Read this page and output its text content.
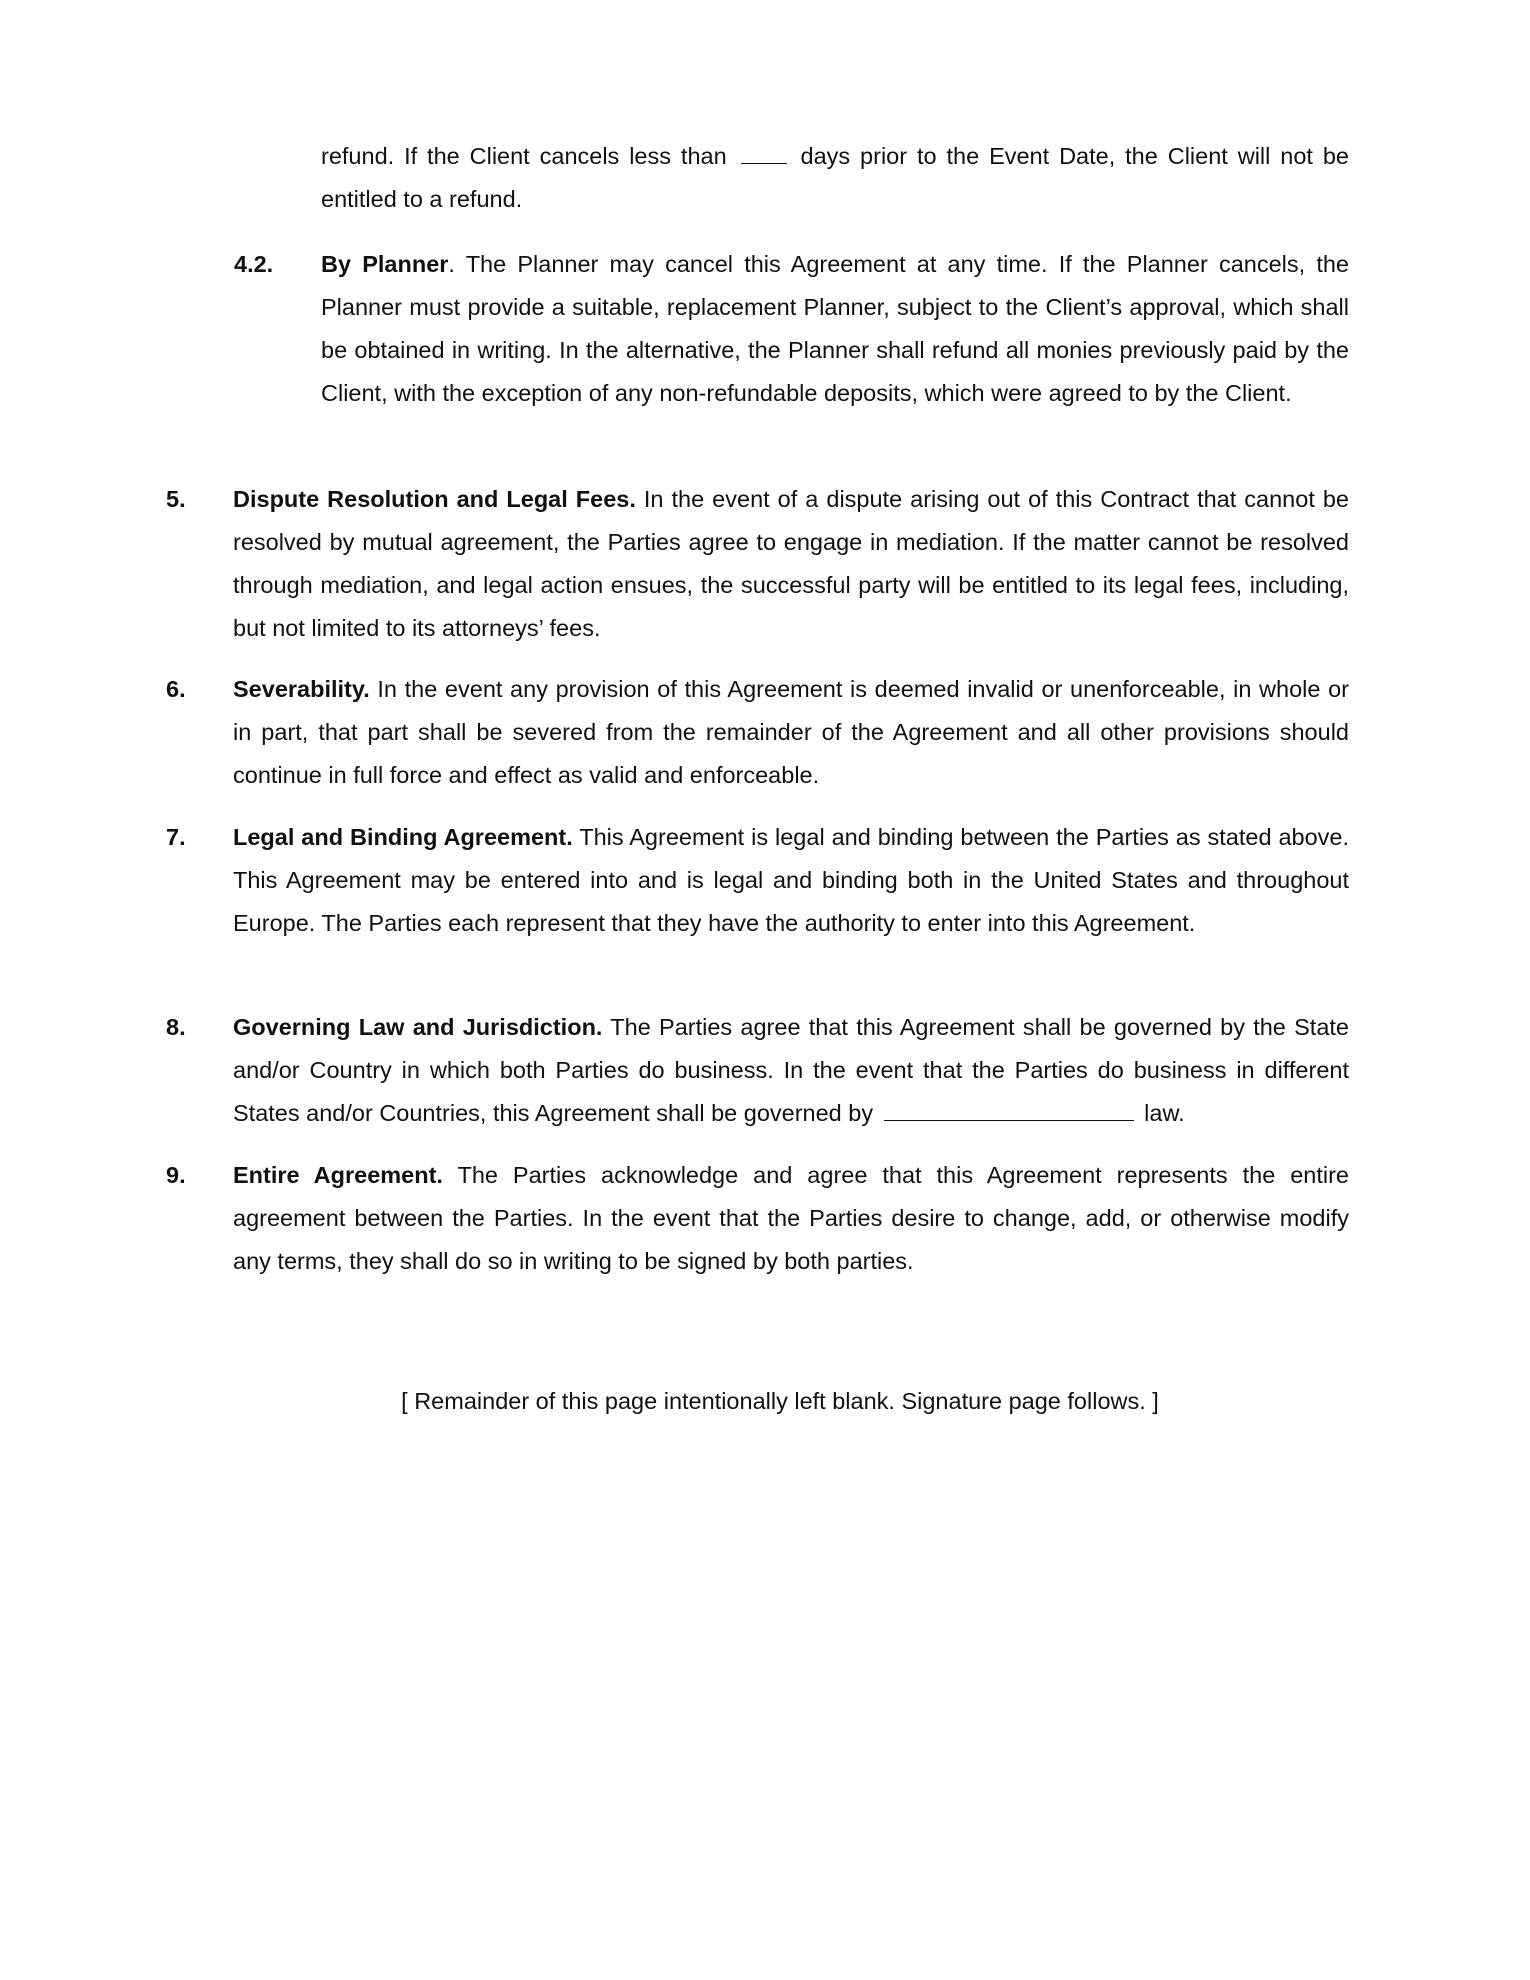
refund. If the Client cancels less than	days prior to the Event Date, the Client will not be entitled to a refund.

4.2. By Planner. The Planner may cancel this Agreement at any time. If the Planner cancels, the Planner must provide a suitable, replacement Planner, subject to the Client’s approval, which shall be obtained in writing. In the alternative, the Planner shall refund all monies previously paid by the Client, with the exception of any non-refundable deposits, which were agreed to by the Client.

5. Dispute Resolution and Legal Fees. In the event of a dispute arising out of this Contract that cannot be resolved by mutual agreement, the Parties agree to engage in mediation. If the matter cannot be resolved through mediation, and legal action ensues, the successful party will be entitled to its legal fees, including, but not limited to its attorneys’ fees.

6. Severability. In the event any provision of this Agreement is deemed invalid or unenforceable, in whole or in part, that part shall be severed from the remainder of the Agreement and all other provisions should continue in full force and effect as valid and enforceable.

7. Legal and Binding Agreement. This Agreement is legal and binding between the Parties as stated above. This Agreement may be entered into and is legal and binding both in the United States and throughout Europe. The Parties each represent that they have the authority to enter into this Agreement.

8. Governing Law and Jurisdiction. The Parties agree that this Agreement shall be governed by the State and/or Country in which both Parties do business. In the event that the Parties do business in different States and/or Countries, this Agreement shall be governed by	law.

9. Entire Agreement. The Parties acknowledge and agree that this Agreement represents the entire agreement between the Parties. In the event that the Parties desire to change, add, or otherwise modify any terms, they shall do so in writing to be signed by both parties.

[ Remainder of this page intentionally left blank. Signature page follows. ]
